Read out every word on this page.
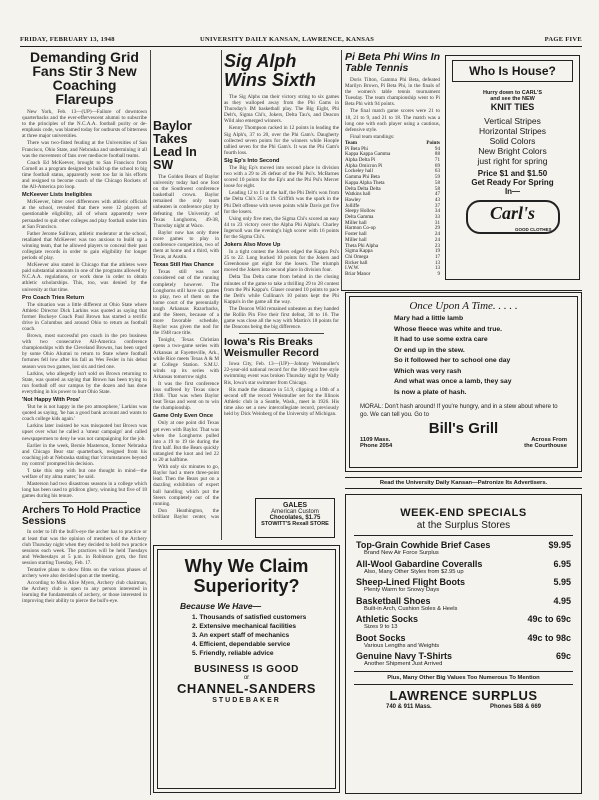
FRIDAY, FEBRUARY 13, 1948	UNIVERSITY DAILY KANSAN, LAWRENCE, KANSAS	PAGE FIVE
Demanding Grid Fans Stir 3 New Coaching Flareups

New York, Feb. 13—(UP)—Failure of downtown quarterbacks and the ever-effervescent alumni to subscribe to the principles of the N.C.A.A. football purity or de-emphasis code, was blamed today for outbursts of bitterness at three major universities.

There was two-fisted feuding at the Universities of San Francisco, Ohio State, and Nebraska and undermining it all was the movement of fans over mediocre football teams.

Coach Ed McKeever, brought to San Francisco from Cornell as a program designed to build up the school to big time football status, apparently went too far in his efforts and resigned to become coach of the Chicago Rockets of the All-America pro loop.

McKeever Lists Ineligibles

McKeever, bitter over differences with athletic officials at the school, revealed that there were 12 players of questionable eligibility, all of whom apparently were persuaded to quit other colleges and play football under him at San Francisco.

Father Jerome Sullivan, athletic moderator at the school, retaliated that McKeever was too anxious to build up a winning team, that he allowed players to conceal their past collegiate records in order to gain eligibility for longer periods of play.

McKeever also stated in Chicago that the athletes were paid substantial amounts in one of the programs allowed by N.C.A.A. regulations, or work done in order to obtain athletic scholarships. This, too, was denied by the university at that time.

Pro Coach Tries Return

The situation was a little different at Ohio State where Athletic Director Dick Larkins was quoted as saying that former Buckeye Coach Paul Brown has started a terrific drive in Columbus and around Ohio to return as football coach.

Brown, most successful pro coach in the pro business with two consecutive All-America conference championships with the Cleveland Browns, has been urged by some Ohio Alumni to return to State where football fortunes fell low after his fall as Wes Fesler in his debut season won two games, lost six and tied one.

Larkins, who allegedly isn't sold on Brown returning to State, was quoted as saying that Brown has been trying to run football off our campus by the dozen and has done everything in his power to hurt Ohio State.

'Not Happy With Pros'

'But he is not happy in the pro atmosphere,' Larkins was quoted as saying, 'he has a good bank account and wants to coach college kids again.'

Larkins later insisted he was misquoted but Brown was upset over what he called a 'smear campaign' and called newspapermen to deny he was not campaigning for the job.

Earlier in the week, Bernie Masterson, former Nebraska and Chicago Bear star quarterback, resigned from his coaching job at Nebraska stating that 'circumstances beyond my control' prompted his decision.

'I take this step with but one thought in mind—the welfare of my alma mater,' he said.

Masterson had two disastrous seasons in a college which long has been used to gridiron glory, winning but five of 18 games during his tenure.

Archers To Hold Practice Sessions

In order to lift the bull's-eye the archer has to practice or at least that was the opinion of members of the Archery club Thursday night when they decided to hold two practice sessions each week. The practices will be held Tuesdays and Wednesdays at 5 p.m. in Robinson gym, the first session starting Tuesday, Feb. 17.

Tentative plans to show films on the various phases of archery were also decided upon at the meeting.

According to Miss Alice Myers, Archery club chairman, the Archery club is open to any person interested in learning the fundamentals of archery, or those interested in improving their ability to pierce the bull's-eye.

Baylor Takes Lead In SW

The Golden Bears of Baylor university today had one foot on the Southwest conference basketball crown. Baylor remained the only team unbeaten in conference play by defeating the University of Texas Longhorns, 49-38, Thursday night at Waco.

Baylor now has only three more games to play in conference competition, two of them at home and a third, with Texas, at Austin.

Texas Still Has Chance

Texas still was not considered out of the running completely however. The Longhorns still have six games to play, two of them on the home court of the perennially tough Arkansas Razorbacks, and the Steers, because of a more favorable schedule, Baylor was given the nod for the 1948 race title.

Tonight, Texas Christian opens a two-game series with Arkansas at Fayetteville, Ark., while Rice meets Texas A & M at College Station. S.M.U. winds up its series with Arkansas tomorrow night.

It was the first conference loss suffered by Texas since 1946. That was when Baylor beat Texas and went on to win the championship.

Game Only Even Once

Only at one point did Texas get even with Baylor. That was when the Longhorns pulled into a 19 to 19 tie during the first half. But the Bears quickly untangled the knot and led 22 to 20 at halftime.

With only six minutes to go, Baylor had a mere three-point lead. Then the Bears put on a dazzling exhibition of expert ball handling which put the Steers completely out of the running.

Don Heathington, the brilliant Baylor center, was

Sig Alph Wins Sixth

The Sig Alphs ran their victory string to six games as they walloped away from the Phi Gams in Thursday's IM basketball play. The Big Eight, Phi Delt's, Sigma Chi's, Jokers, Delta Tau's, and Deacon Wild also emerged winners.

Kenny Thompson racked in 12 points in leading the Sig Alph's, 37 to 20, over the Phi Gam's. Daugherty collected seven points for the winners while Hoople tallied seven for the Phi Gam's. It was the Phi Gam's fourth loss.

Sig Ep's Into Second

The Big Ep's moved into second place in division two with a 29 to 26 defeat of the Phi Psi's. McBarnes scored 10 points for the Ep's and the Phi Psi's Mercer loose for eight.

Leading 12 to 11 at the half, the Phi Delt's won from the Delta Chi's 25 to 19. Griffith was the spark in the Phi Delt offense with seven points while Davis got five for the losers.

Using only five men, the Sigma Chi's scored an easy 44 to 23 victory over the Alpha Phi Alpha's. Charley Ingersoll was the evening's high scorer with 16 points for the Sigma Chi's.

Jokers Also Move Up

In a tight contest the Jokers edged the Kappa Psi's 25 to 22. Long bucked 10 points for the Jokers and Greenhouse got eight for the losers. The triumph moved the Jokers into second place in division four.

Delta Tau Delta came from behind in the closing minutes of the game to take a thrilling 29 to 28 contest from the Phi Kappa's. Glaser counted 10 points to pace the Delt's while Cullinan's 10 points kept the Phi Kappa's in the game all the way.

The Deacon Wild remained unbeaten as they handed the Rollin Pin Five their first defeat, 30 to 16. The game was close all the way with Martin's 18 points for the Deacons being the big difference.

Iowa's Ris Breaks Weismuller Record

Iowa City, Feb. 13—(UP)—Johnny Weismuller's 22-year-old national record for the 100-yard free style swimming event was broken Thursday night by Wally Ris, Iowa's star swimmer from Chicago.

Ris made the distance in 51.9, clipping a 10th of a second off the record Weismuller set for the Illinois Athletic club in a Seattle, Wash., meet in 1926. His time also set a new intercollegiate record, previously held by Dick Weinberg of the University of Michigan.

GALES
American Custom
Chocolates, $1.75
STOWITT'S Rexall STORE
Pi Beta Phi Wins In Table Tennis

Doris Tilton, Gamma Phi Beta, defeated Marilyn Brown, Pi Beta Phi, in the finals of the women's table tennis tournament Tuesday. The team championship went to Pi Beta Phi with 94 points.

The final match game scores were 21 to 18, 21 to 9, and 21 to 18. The match was a long one with each player using a cautious, defensive style.

Final team standings:

Team	Points
Pi Beta Phi	94
Kappa Kappa Gamma	88
Alpha Delta Pi	71
Alpha Omicron Pi	69
Lockeley hall	63
Gamma Phi Beta	59
Kappa Alpha Theta	58
Delta Delta Delta	58
Watkins hall	47
Hawley	43
Jolliffe	37
Sleepy Hollow	34
Delta Gamma	33
Miller hall	31
Harmon Co-op	29
Foster hall	24
Miller hall	24
Theta Phi Alpha	23
Sigma Kappa	19
Chi Omega	17
Ricker hall	13
I.W.W.	13
Briar Manor	9
Who Is House?
Hurry down to CARL'S
and see the NEW
KNIT TIES
Vertical Stripes
Horizontal Stripes
Solid Colors
New Bright Colors
just right for spring
Price $1 and $1.50
Get Ready For Spring
In—
Carl's
GOOD CLOTHES
Once Upon A Time. . . . .
Mary had a little lamb
Whose fleece was white and true.
It had to use some extra care
Or end up in the stew.
So it followed her to school one day
Which was very rash
And what was once a lamb, they say
Is now a plate of hash.
MORAL: Don't hash around! If you're hungry, and in a stew about where to go. We can tell you. Go to
Bill's Grill
1109 Mass.
Phone 2054
Across From
the Courthouse
Read the University Daily Kansan—Patronize Its Advertisers.
WEEK-END SPECIALS
at the Surplus Stores
Top-Grain Cowhide Brief Cases	$9.95
Brand New Air Force Surplus
All-Wool Gabardine Coveralls	6.95
Also, Many Other Styles from $2.95 up
Sheep-Lined Flight Boots	5.95
Plenty Warm for Snowy Days
Basketball Shoes	4.95
Built-in Arch, Cushion Soles & Heels
Athletic Socks	49c to 69c
Sizes 9 to 13
Boot Socks	49c to 98c
Various Lengths and Weights
Genuine Navy T-Shirts	69c
Another Shipment Just Arrived
Plus, Many Other Big Values Too Numerous To Mention
LAWRENCE SURPLUS
740 & 911 Mass.	Phones 588 & 669
Why We Claim Superiority?
Because We Have—
1. Thousands of satisfied customers
2. Extensive mechanical facilities
3. An expert staff of mechanics
4. Efficient, dependable service
5. Friendly, reliable advice
BUSINESS IS GOOD
or
CHANNEL-SANDERS
STUDEBAKER
